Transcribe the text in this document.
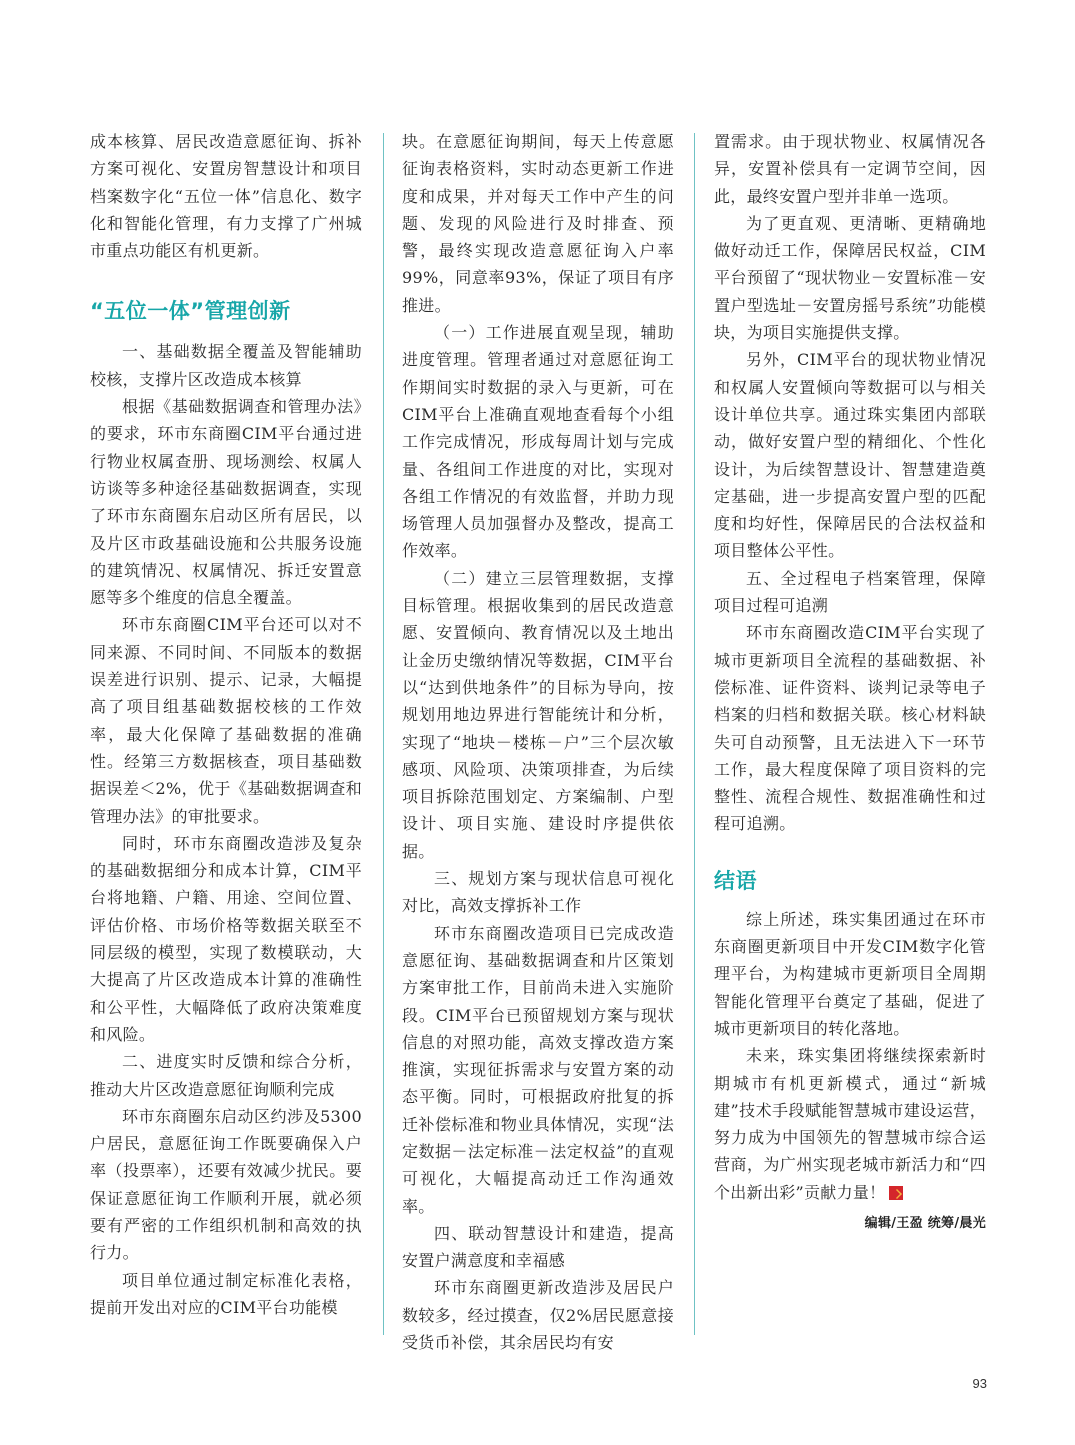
成本核算、居民改造意愿征询、拆补方案可视化、安置房智慧设计和项目档案数字化“五位一体”信息化、数字化和智能化管理，有力支撑了广州城市重点功能区有机更新。

“五位一体”管理创新

一、基础数据全覆盖及智能辅助校核，支撑片区改造成本核算

根据《基础数据调查和管理办法》的要求，环市东商圈CIM平台通过进行物业权属查册、现场测绘、权属人访谈等多种途径基础数据调查，实现了环市东商圈东启动区所有居民，以及片区市政基础设施和公共服务设施的建筑情况、权属情况、拆迁安置意愿等多个维度的信息全覆盖。

环市东商圈CIM平台还可以对不同来源、不同时间、不同版本的数据误差进行识别、提示、记录，大幅提高了项目组基础数据校核的工作效率，最大化保障了基础数据的准确性。经第三方数据核查，项目基础数据误差＜2%，优于《基础数据调查和管理办法》的审批要求。

同时，环市东商圈改造涉及复杂的基础数据细分和成本计算，CIM平台将地籍、户籍、用途、空间位置、评估价格、市场价格等数据关联至不同层级的模型，实现了数模联动，大大提高了片区改造成本计算的准确性和公平性，大幅降低了政府决策难度和风险。

二、进度实时反馈和综合分析，推动大片区改造意愿征询顺利完成

环市东商圈东启动区约涉及5300户居民，意愿征询工作既要确保入户率（投票率），还要有效减少扰民。要保证意愿征询工作顺利开展，就必须要有严密的工作组织机制和高效的执行力。

项目单位通过制定标准化表格，提前开发出对应的CIM平台功能模

块。在意愿征询期间，每天上传意愿征询表格资料，实时动态更新工作进度和成果，并对每天工作中产生的问题、发现的风险进行及时排查、预警，最终实现改造意愿征询入户率99%，同意率93%，保证了项目有序推进。

（一）工作进展直观呈现，辅助进度管理。管理者通过对意愿征询工作期间实时数据的录入与更新，可在CIM平台上准确直观地查看每个小组工作完成情况，形成每周计划与完成量、各组间工作进度的对比，实现对各组工作情况的有效监督，并助力现场管理人员加强督办及整改，提高工作效率。

（二）建立三层管理数据，支撑目标管理。根据收集到的居民改造意愿、安置倾向、教育情况以及土地出让金历史缴纳情况等数据，CIM平台以“达到供地条件”的目标为导向，按规划用地边界进行智能统计和分析，实现了“地块－楼栋－户”三个层次敏感项、风险项、决策项排查，为后续项目拆除范围划定、方案编制、户型设计、项目实施、建设时序提供依据。

三、规划方案与现状信息可视化对比，高效支撑拆补工作

环市东商圈改造项目已完成改造意愿征询、基础数据调查和片区策划方案审批工作，目前尚未进入实施阶段。CIM平台已预留规划方案与现状信息的对照功能，高效支撑改造方案推演，实现征拆需求与安置方案的动态平衡。同时，可根据政府批复的拆迁补偿标准和物业具体情况，实现“法定数据－法定标准－法定权益”的直观可视化，大幅提高动迁工作沟通效率。

四、联动智慧设计和建造，提高安置户满意度和幸福感

环市东商圈更新改造涉及居民户数较多，经过摸查，仅2%居民愿意接受货币补偿，其余居民均有安

置需求。由于现状物业、权属情况各异，安置补偿具有一定调节空间，因此，最终安置户型并非单一选项。

为了更直观、更清晰、更精确地做好动迁工作，保障居民权益，CIM平台预留了“现状物业－安置标准－安置户型选址－安置房摇号系统”功能模块，为项目实施提供支撑。

另外，CIM平台的现状物业情况和权属人安置倾向等数据可以与相关设计单位共享。通过珠实集团内部联动，做好安置户型的精细化、个性化设计，为后续智慧设计、智慧建造奠定基础，进一步提高安置户型的匹配度和均好性，保障居民的合法权益和项目整体公平性。

五、全过程电子档案管理，保障项目过程可追溯

环市东商圈改造CIM平台实现了城市更新项目全流程的基础数据、补偿标准、证件资料、谈判记录等电子档案的归档和数据关联。核心材料缺失可自动预警，且无法进入下一环节工作，最大程度保障了项目资料的完整性、流程合规性、数据准确性和过程可追溯。

结语

综上所述，珠实集团通过在环市东商圈更新项目中开发CIM数字化管理平台，为构建城市更新项目全周期智能化管理平台奠定了基础，促进了城市更新项目的转化落地。

未来，珠实集团将继续探索新时期城市有机更新模式，通过“新城建”技术手段赋能智慧城市建设运营，努力成为中国领先的智慧城市综合运营商，为广州实现老城市新活力和“四个出新出彩”贡献力量！

编辑/王盈 统筹/晨光

93
